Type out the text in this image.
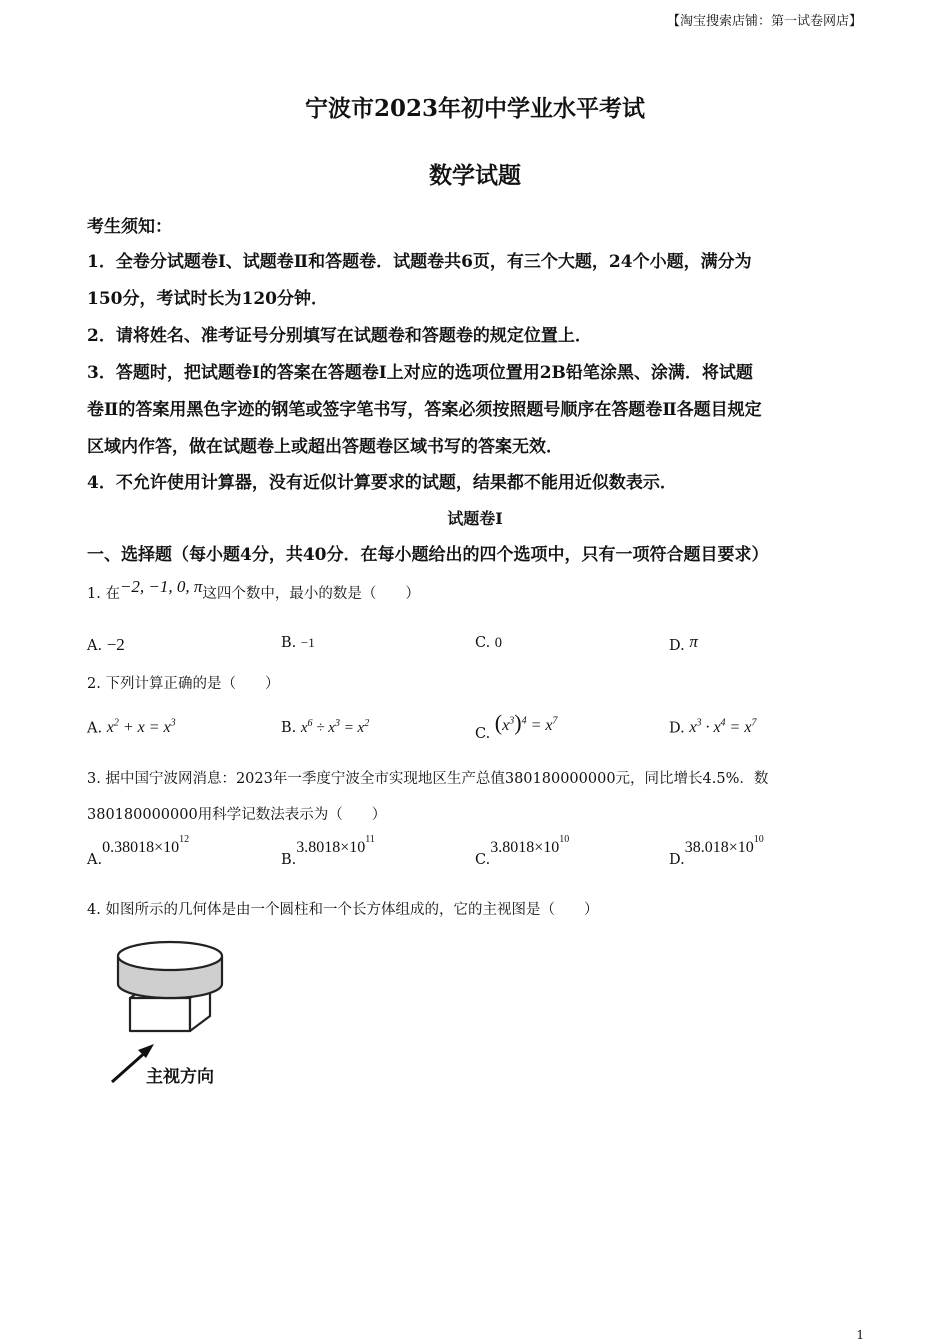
【淘宝搜索店铺：第一试卷网店】
宁波市2023年初中学业水平考试
数学试题
考生须知：
1．全卷分试题卷Ⅰ、试题卷Ⅱ和答题卷．试题卷共6页，有三个大题，24个小题，满分为
150分，考试时长为120分钟．
2．请将姓名、准考证号分别填写在试题卷和答题卷的规定位置上．
3．答题时，把试题卷Ⅰ的答案在答题卷Ⅰ上对应的选项位置用2B铅笔涂黑、涂满．将试题
卷Ⅱ的答案用黑色字迹的钢笔或签字笔书写，答案必须按照题号顺序在答题卷Ⅱ各题目规定
区域内作答，做在试题卷上或超出答题卷区域书写的答案无效．
4．不允许使用计算器，没有近似计算要求的试题，结果都不能用近似数表示．
试题卷Ⅰ
一、选择题（每小题4分，共40分．在每小题给出的四个选项中，只有一项符合题目要求）
1. 在−2, −1, 0, π这四个数中，最小的数是（　　）
A. −2	B. −1	C. 0	D. π
2. 下列计算正确的是（　　）
A. $x^2 + x = x^3$	B. $x^6 \div x^3 = x^2$
C. $(x^3)^4 = x^7$	D. $x^3 \cdot x^4 = x^7$
3. 据中国宁波网消息：2023年一季度宁波全市实现地区生产总值380180000000元，同比增长4.5%．数
380180000000用科学记数法表示为（　　）
$A.0.38018\times 10^{12}$
$B.3.8018\times 10^{11}$
$C.3.8018\times 10^{10}$
$D.38.018\times 10^{10}$
4. 如图所示的几何体是由一个圆柱和一个长方体组成的，它的主视图是（　　）
主视方向
1
